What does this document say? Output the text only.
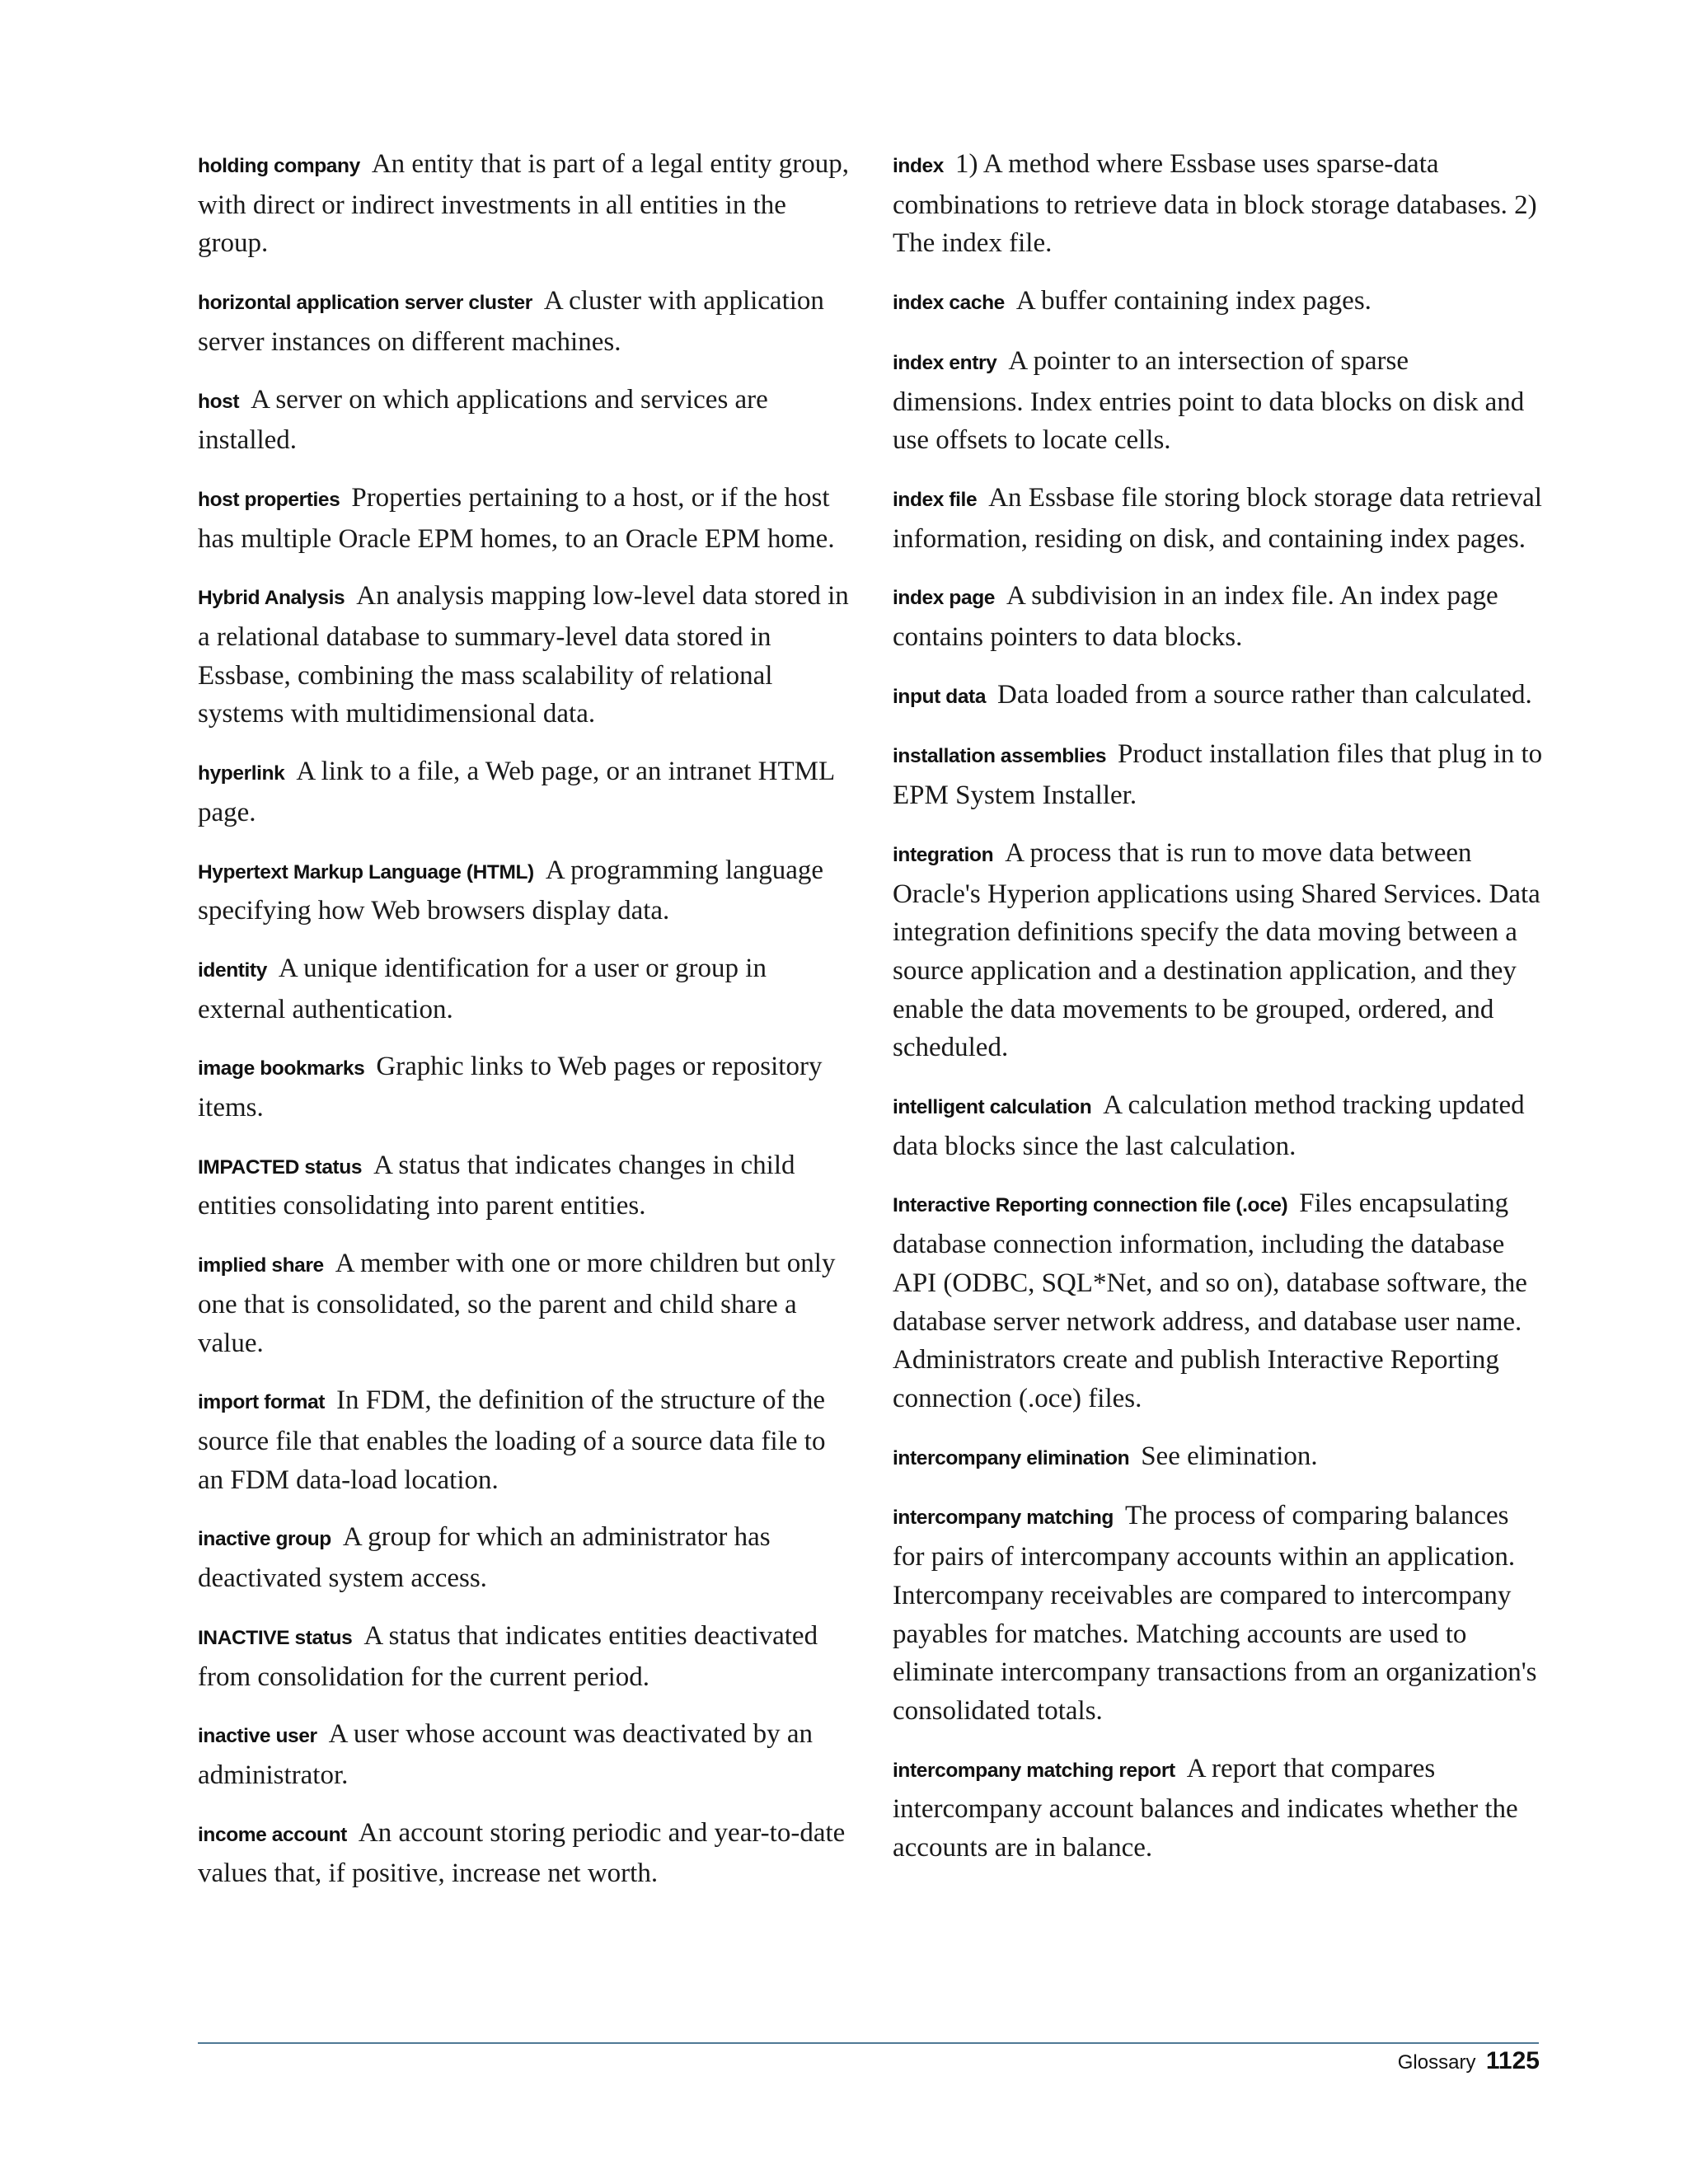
holding company An entity that is part of a legal entity group, with direct or indirect investments in all entities in the group.

horizontal application server cluster A cluster with application server instances on different machines.

host A server on which applications and services are installed.

host properties Properties pertaining to a host, or if the host has multiple Oracle EPM homes, to an Oracle EPM home.

Hybrid Analysis An analysis mapping low-level data stored in a relational database to summary-level data stored in Essbase, combining the mass scalability of relational systems with multidimensional data.

hyperlink A link to a file, a Web page, or an intranet HTML page.

Hypertext Markup Language (HTML) A programming language specifying how Web browsers display data.

identity A unique identification for a user or group in external authentication.

image bookmarks Graphic links to Web pages or repository items.

IMPACTED status A status that indicates changes in child entities consolidating into parent entities.

implied share A member with one or more children but only one that is consolidated, so the parent and child share a value.

import format In FDM, the definition of the structure of the source file that enables the loading of a source data file to an FDM data-load location.

inactive group A group for which an administrator has deactivated system access.

INACTIVE status A status that indicates entities deactivated from consolidation for the current period.

inactive user A user whose account was deactivated by an administrator.

income account An account storing periodic and year-to-date values that, if positive, increase net worth.

index 1) A method where Essbase uses sparse-data combinations to retrieve data in block storage databases. 2) The index file.

index cache A buffer containing index pages.

index entry A pointer to an intersection of sparse dimensions. Index entries point to data blocks on disk and use offsets to locate cells.

index file An Essbase file storing block storage data retrieval information, residing on disk, and containing index pages.

index page A subdivision in an index file. An index page contains pointers to data blocks.

input data Data loaded from a source rather than calculated.

installation assemblies Product installation files that plug in to EPM System Installer.

integration A process that is run to move data between Oracle's Hyperion applications using Shared Services. Data integration definitions specify the data moving between a source application and a destination application, and they enable the data movements to be grouped, ordered, and scheduled.

intelligent calculation A calculation method tracking updated data blocks since the last calculation.

Interactive Reporting connection file (.oce) Files encapsulating database connection information, including the database API (ODBC, SQL*Net, and so on), database software, the database server network address, and database user name. Administrators create and publish Interactive Reporting connection (.oce) files.

intercompany elimination See elimination.

intercompany matching The process of comparing balances for pairs of intercompany accounts within an application. Intercompany receivables are compared to intercompany payables for matches. Matching accounts are used to eliminate intercompany transactions from an organization's consolidated totals.

intercompany matching report A report that compares intercompany account balances and indicates whether the accounts are in balance.

Glossary 1125
